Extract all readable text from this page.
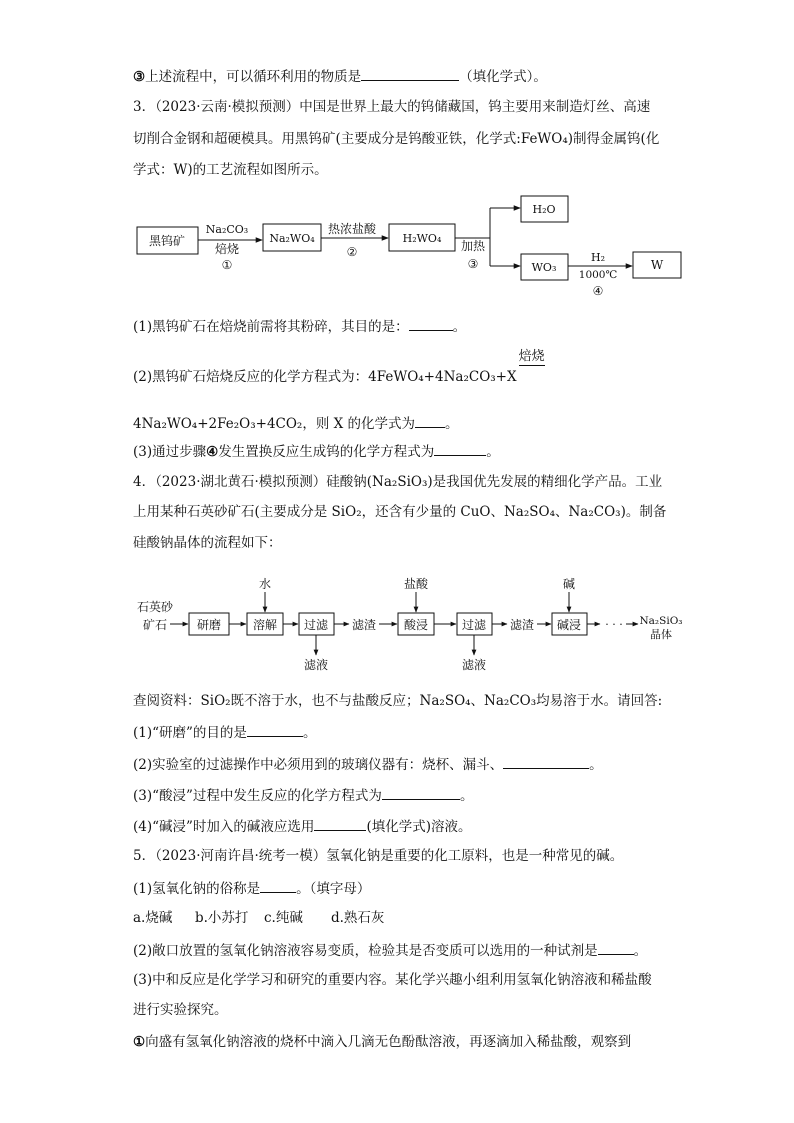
③上述流程中，可以循环利用的物质是	（填化学式）。
3．（2023·云南·模拟预测）中国是世界上最大的钨储藏国，钨主要用来制造灯丝、高速
切削合金钢和超硬模具。用黑钨矿(主要成分是钨酸亚铁，化学式:FeWO₄)制得金属钨(化
学式：W)的工艺流程如图所示。
黑钨矿	Na₂WO₄	H₂WO₄
H₂O
WO₃	W
Na₂CO₃
焙烧
①
热浓盐酸
②	加热
③	H₂
1000℃
④
(1)黑钨矿石在焙烧前需将其粉碎，其目的是：	。
(2)黑钨矿石焙烧反应的化学方程式为：4FeWO₄+4Na₂CO₃+X
焙烧
4Na₂WO₄+2Fe₂O₃+4CO₂，则 X 的化学式为 。
(3)通过步骤④发生置换反应生成钨的化学方程式为	。
4．（2023·湖北黄石·模拟预测）硅酸钠(Na₂SiO₃)是我国优先发展的精细化学产品。工业
上用某种石英砂矿石(主要成分是 SiO₂，还含有少量的 CuO、Na₂SO₄、Na₂CO₃)。制备
硅酸钠晶体的流程如下：
石英砂
矿石 研磨	溶解
水
过滤
滤液
滤渣 酸浸
盐酸
过滤
滤液
滤渣 碱浸
碱
· · · Na₂SiO₃
晶体
查阅资料：SiO₂既不溶于水，也不与盐酸反应；Na₂SO₄、Na₂CO₃均易溶于水。请回答:
(1)“研磨”的目的是	。
(2)实验室的过滤操作中必须用到的玻璃仪器有：烧杯、漏斗、	。
(3)“酸浸”过程中发生反应的化学方程式为	。
(4)“碱浸”时加入的碱液应选用	(填化学式)溶液。
5．（2023·河南许昌·统考一模）氢氧化钠是重要的化工原料，也是一种常见的碱。
(1)氢氧化钠的俗称是	。（填字母）
a.烧碱 b.小苏打 c.纯碱 d.熟石灰
(2)敞口放置的氢氧化钠溶液容易变质，检验其是否变质可以选用的一种试剂是	。
(3)中和反应是化学学习和研究的重要内容。某化学兴趣小组利用氢氧化钠溶液和稀盐酸
进行实验探究。
①向盛有氢氧化钠溶液的烧杯中滴入几滴无色酚酞溶液，再逐滴加入稀盐酸，观察到
